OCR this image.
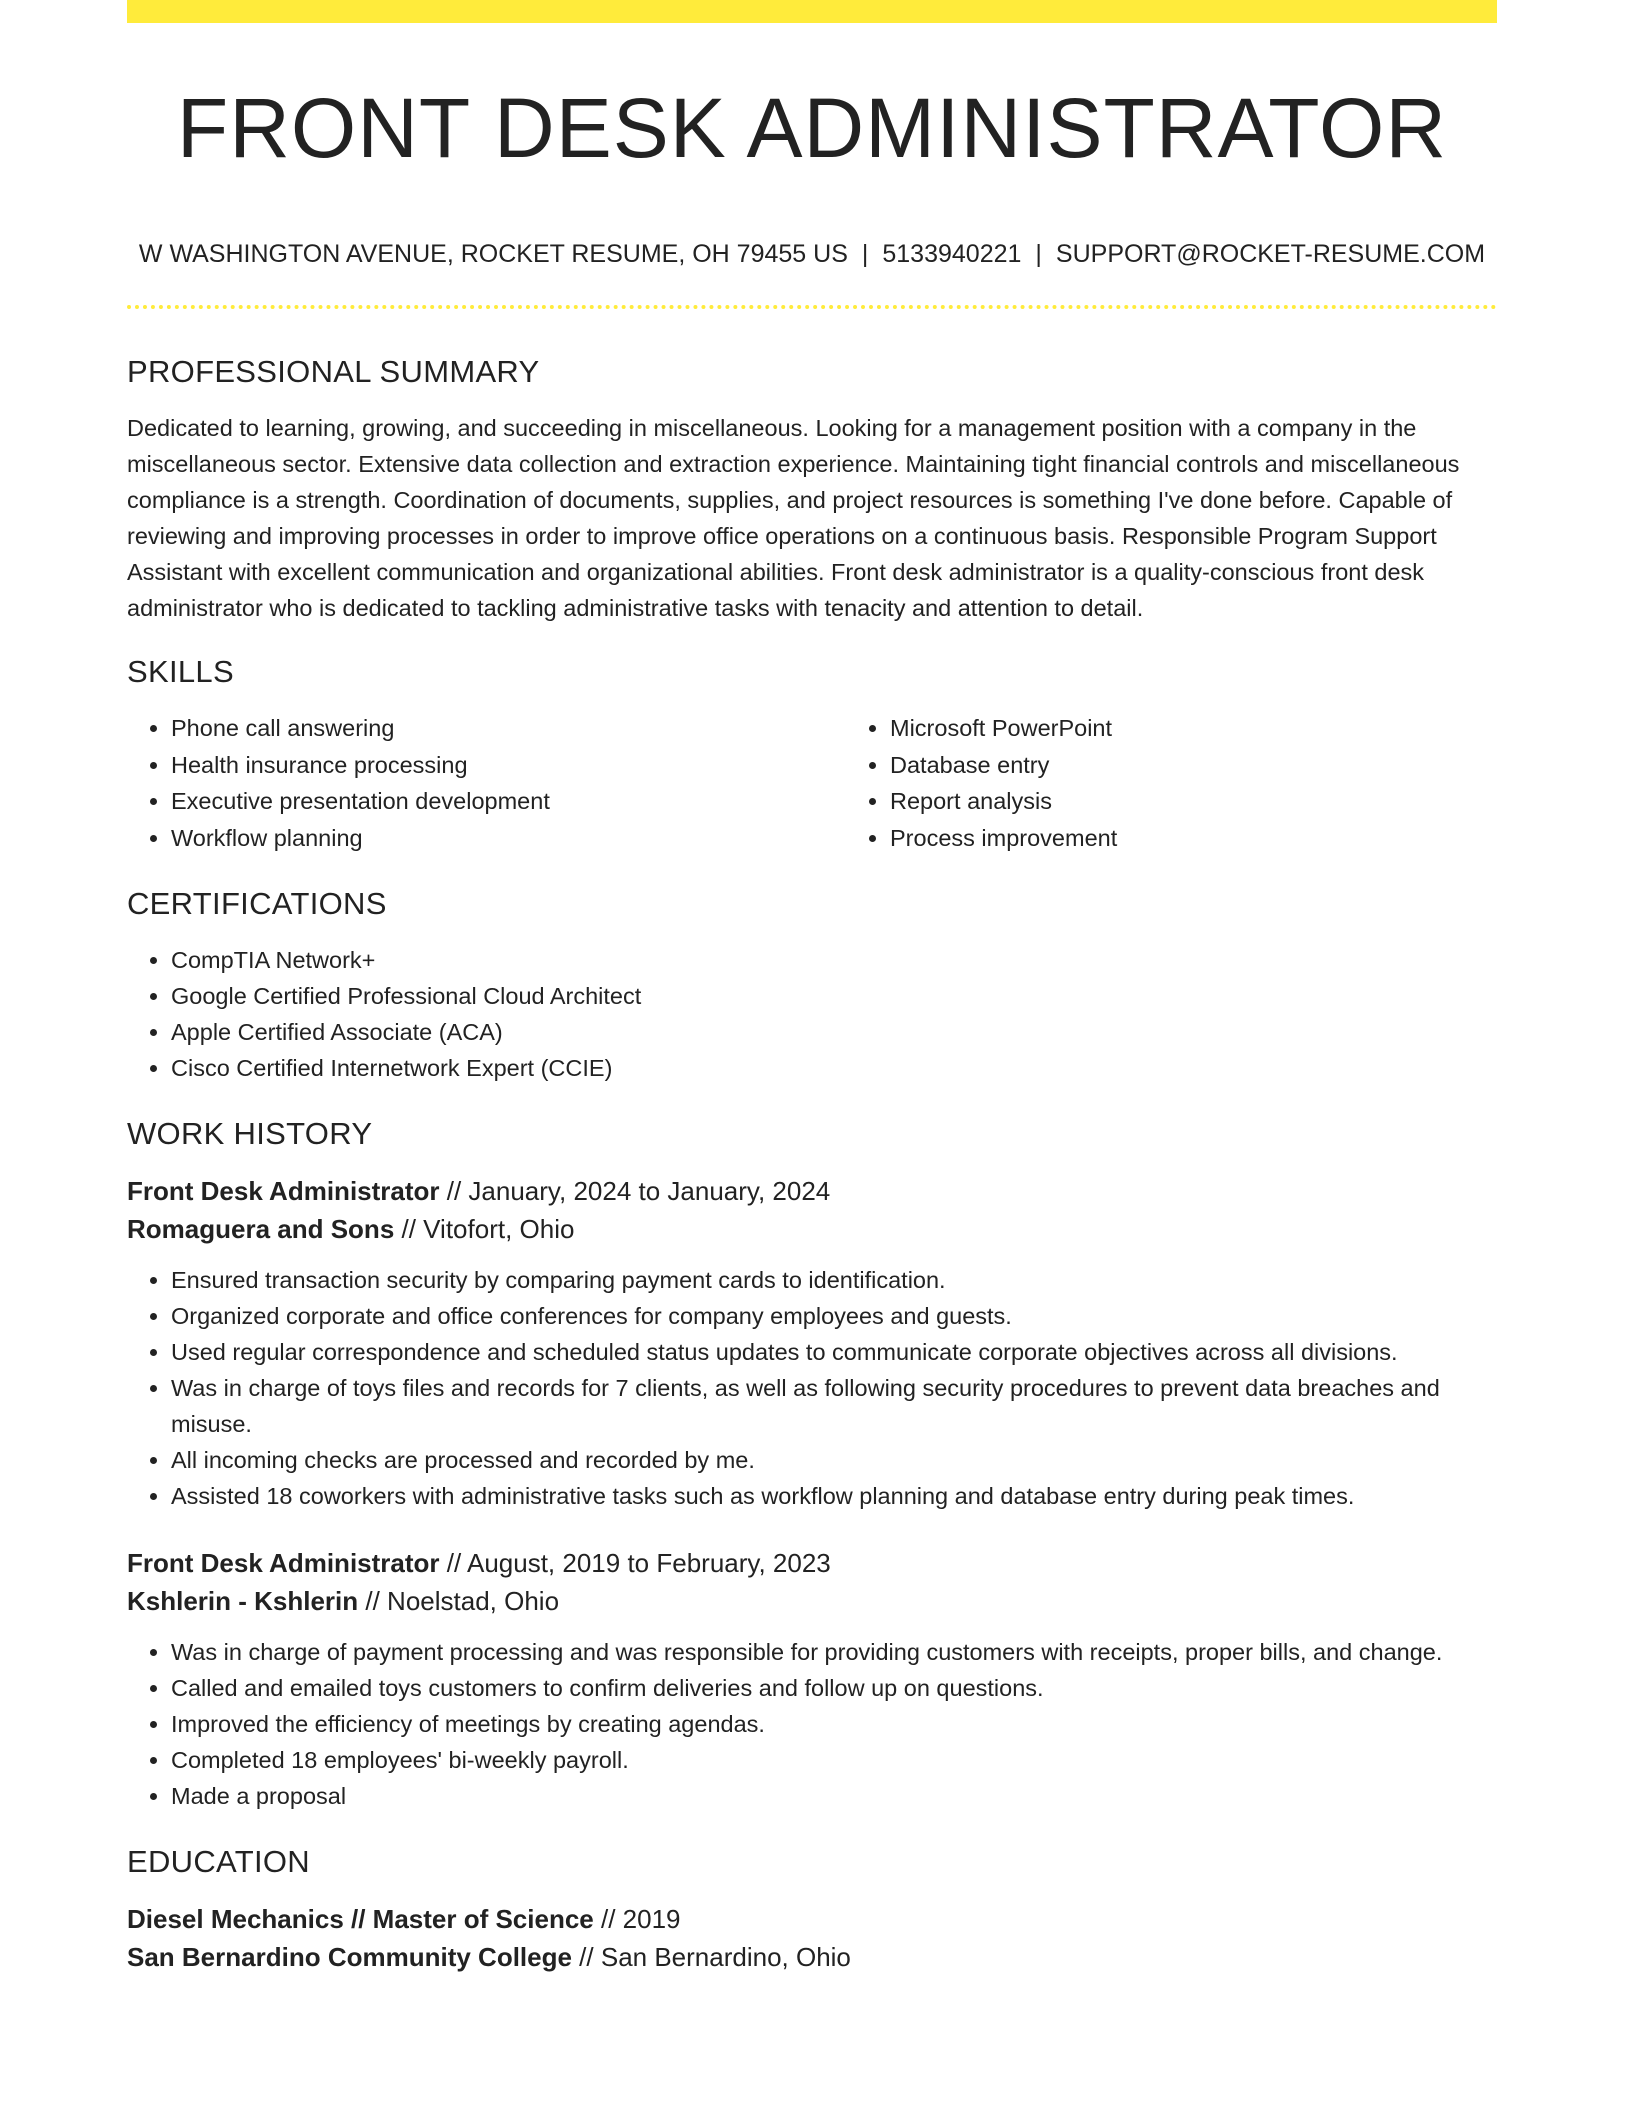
FRONT DESK ADMINISTRATOR
W WASHINGTON AVENUE, ROCKET RESUME, OH 79455 US | 5133940221 | SUPPORT@ROCKET-RESUME.COM
PROFESSIONAL SUMMARY

Dedicated to learning, growing, and succeeding in miscellaneous. Looking for a management position with a company in the miscellaneous sector. Extensive data collection and extraction experience. Maintaining tight financial controls and miscellaneous compliance is a strength. Coordination of documents, supplies, and project resources is something I've done before. Capable of reviewing and improving processes in order to improve office operations on a continuous basis. Responsible Program Support Assistant with excellent communication and organizational abilities. Front desk administrator is a quality-conscious front desk administrator who is dedicated to tackling administrative tasks with tenacity and attention to detail.

SKILLS
• Phone call answering
• Health insurance processing
• Executive presentation development
• Workflow planning
• Microsoft PowerPoint
• Database entry
• Report analysis
• Process improvement
CERTIFICATIONS
• CompTIA Network+
• Google Certified Professional Cloud Architect
• Apple Certified Associate (ACA)
• Cisco Certified Internetwork Expert (CCIE)
WORK HISTORY
Front Desk Administrator // January, 2024 to January, 2024
Romaguera and Sons // Vitofort, Ohio
• Ensured transaction security by comparing payment cards to identification.
• Organized corporate and office conferences for company employees and guests.
• Used regular correspondence and scheduled status updates to communicate corporate objectives across all divisions.
• Was in charge of toys files and records for 7 clients, as well as following security procedures to prevent data breaches and misuse.
• All incoming checks are processed and recorded by me.
• Assisted 18 coworkers with administrative tasks such as workflow planning and database entry during peak times.
Front Desk Administrator // August, 2019 to February, 2023
Kshlerin - Kshlerin // Noelstad, Ohio
• Was in charge of payment processing and was responsible for providing customers with receipts, proper bills, and change.
• Called and emailed toys customers to confirm deliveries and follow up on questions.
• Improved the efficiency of meetings by creating agendas.
• Completed 18 employees' bi-weekly payroll.
• Made a proposal
EDUCATION
Diesel Mechanics // Master of Science // 2019
San Bernardino Community College // San Bernardino, Ohio
